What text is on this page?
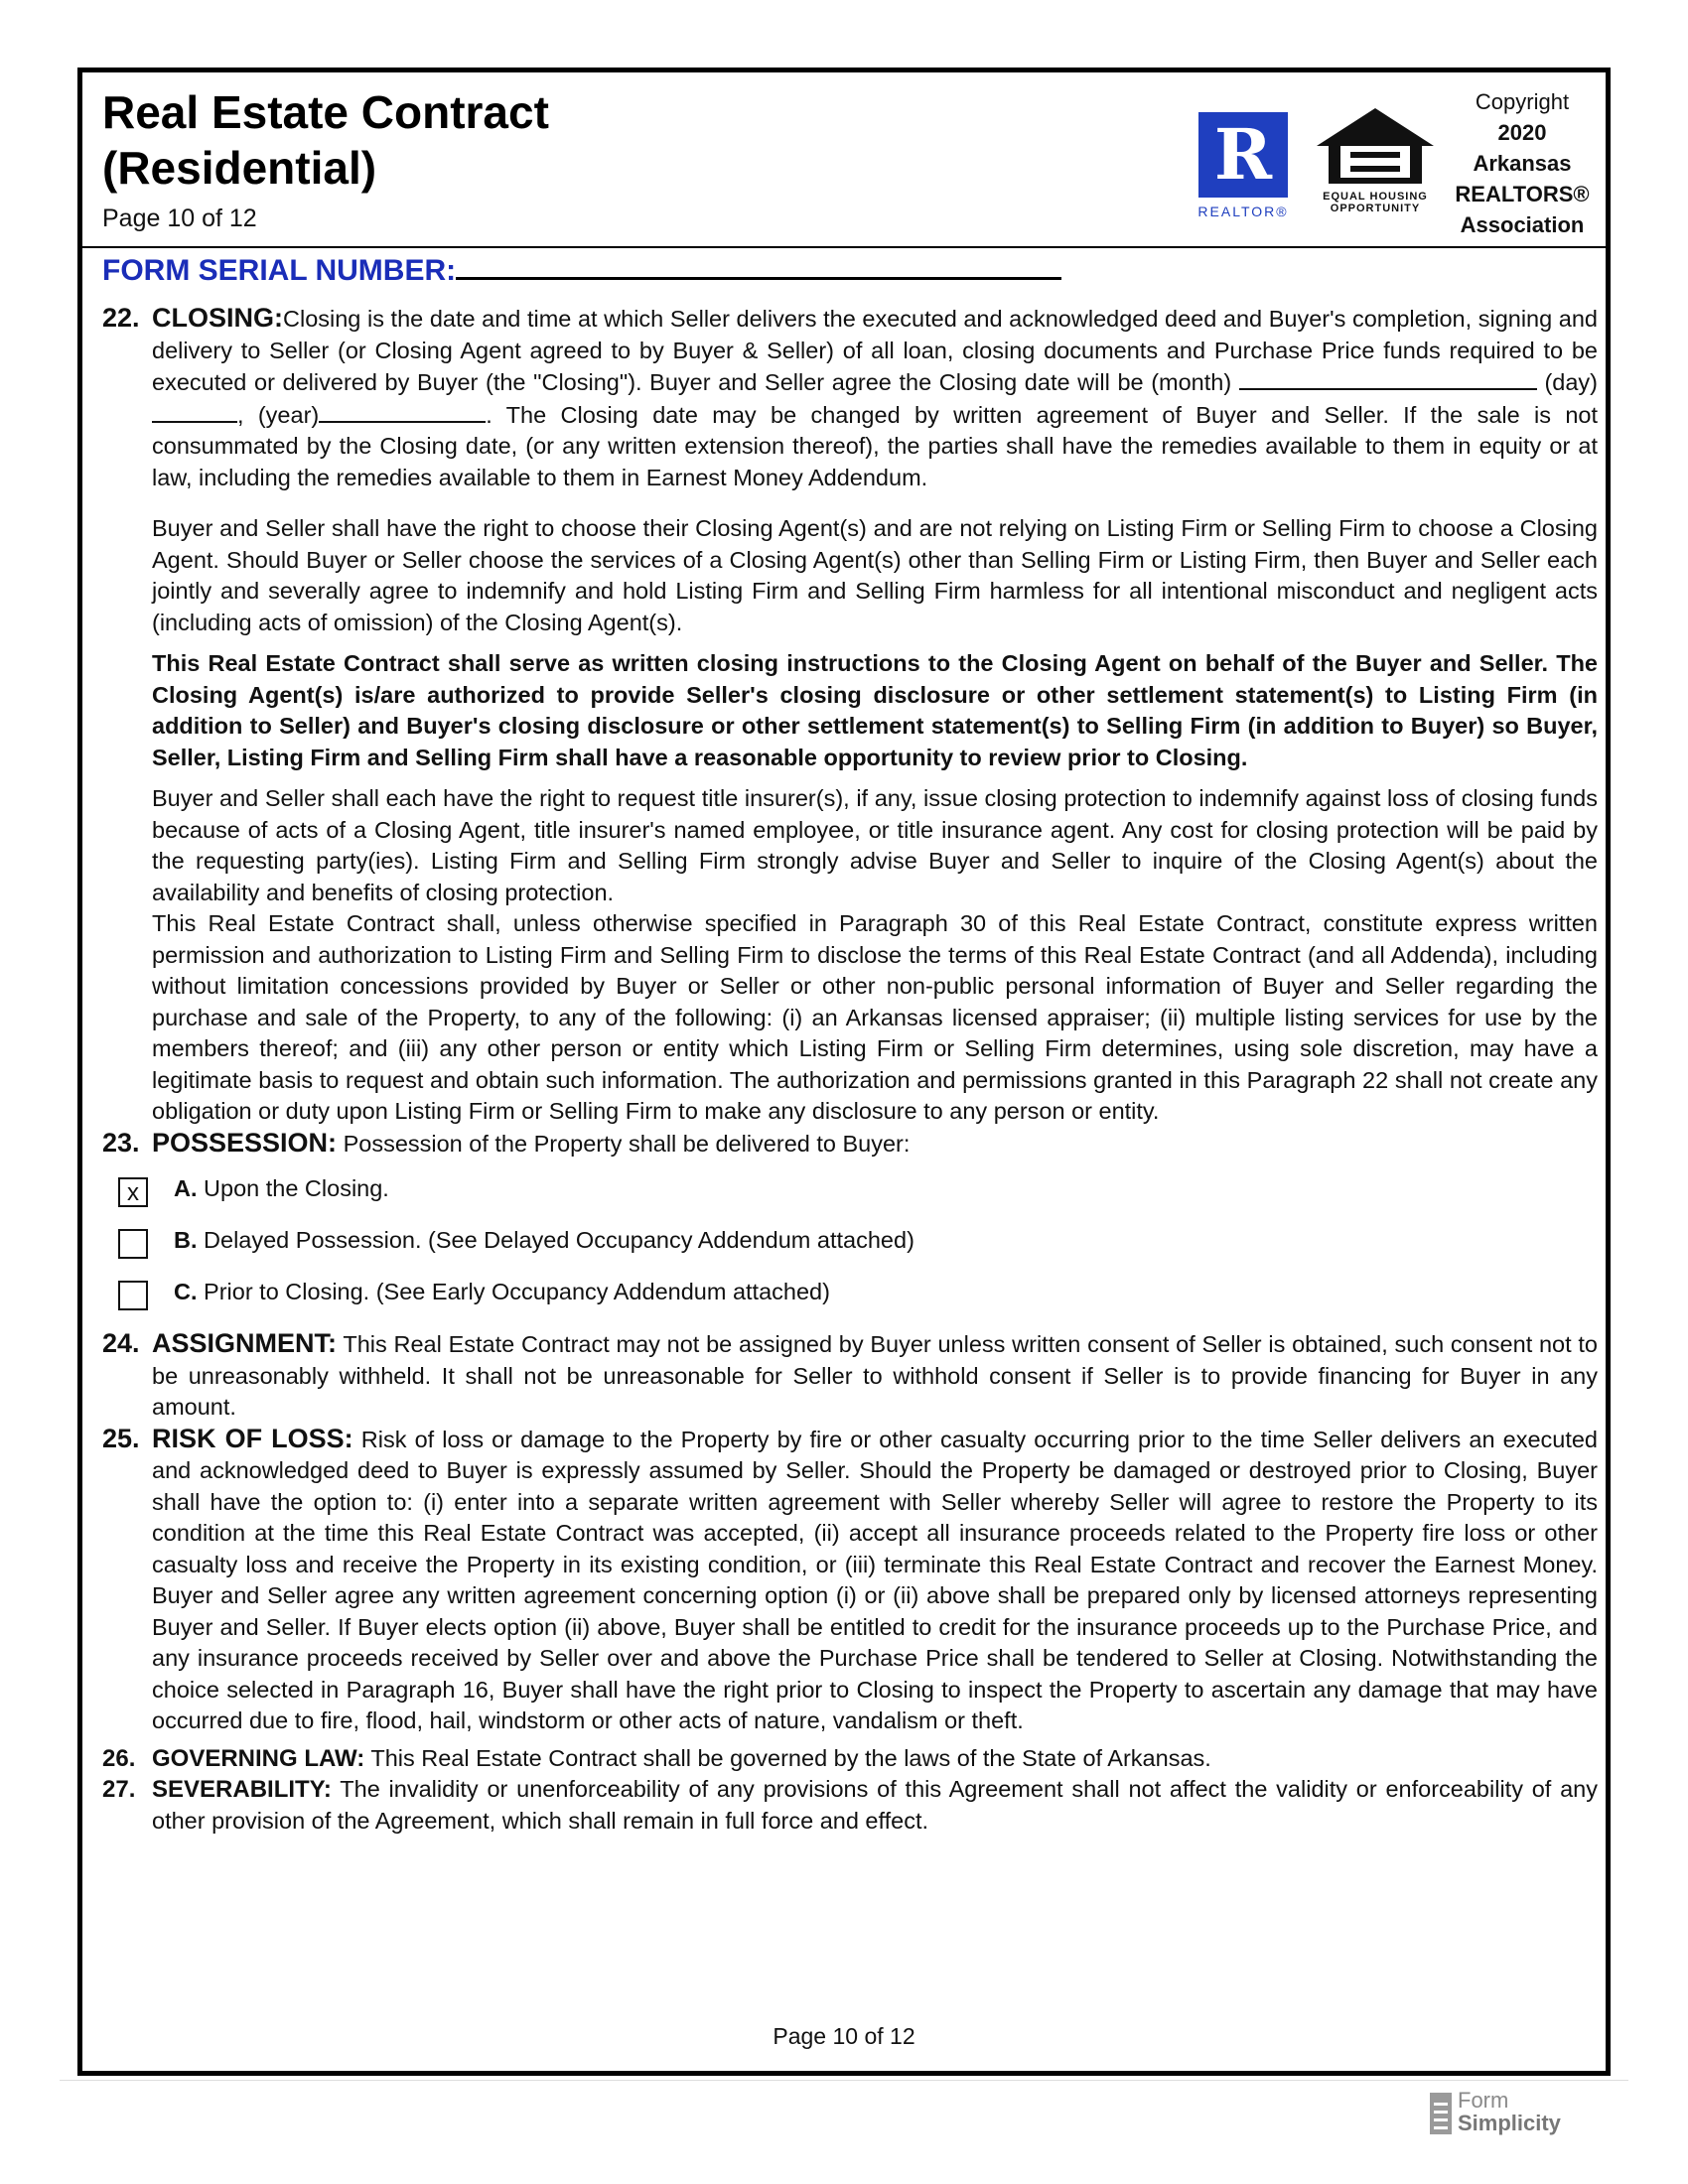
Real Estate Contract
(Residential)
Page 10 of 12
R
REALTOR®
EQUAL HOUSING
OPPORTUNITY
Copyright
2020
Arkansas
REALTORS®
Association
FORM SERIAL NUMBER:
22. CLOSING:Closing is the date and time at which Seller delivers the executed and acknowledged deed and Buyer's completion, signing and delivery to Seller (or Closing Agent agreed to by Buyer & Seller) of all loan, closing documents and Purchase Price funds required to be executed or delivered by Buyer (the "Closing"). Buyer and Seller agree the Closing date will be (month)	(day), (year)	. The Closing date may be changed by written agreement of Buyer and Seller. If the sale is not consummated by the Closing date, (or any written extension thereof), the parties shall have the remedies available to them in equity or at law, including the remedies available to them in Earnest Money Addendum.
Buyer and Seller shall have the right to choose their Closing Agent(s) and are not relying on Listing Firm or Selling Firm to choose a Closing Agent. Should Buyer or Seller choose the services of a Closing Agent(s) other than Selling Firm or Listing Firm, then Buyer and Seller each jointly and severally agree to indemnify and hold Listing Firm and Selling Firm harmless for all intentional misconduct and negligent acts (including acts of omission) of the Closing Agent(s).
This Real Estate Contract shall serve as written closing instructions to the Closing Agent on behalf of the Buyer and Seller. The Closing Agent(s) is/are authorized to provide Seller's closing disclosure or other settlement statement(s) to Listing Firm (in addition to Seller) and Buyer's closing disclosure or other settlement statement(s) to Selling Firm (in addition to Buyer) so Buyer, Seller, Listing Firm and Selling Firm shall have a reasonable opportunity to review prior to Closing.
Buyer and Seller shall each have the right to request title insurer(s), if any, issue closing protection to indemnify against loss of closing funds because of acts of a Closing Agent, title insurer's named employee, or title insurance agent. Any cost for closing protection will be paid by the requesting party(ies). Listing Firm and Selling Firm strongly advise Buyer and Seller to inquire of the Closing Agent(s) about the availability and benefits of closing protection.
This Real Estate Contract shall, unless otherwise specified in Paragraph 30 of this Real Estate Contract, constitute express written permission and authorization to Listing Firm and Selling Firm to disclose the terms of this Real Estate Contract (and all Addenda), including without limitation concessions provided by Buyer or Seller or other non-public personal information of Buyer and Seller regarding the purchase and sale of the Property, to any of the following: (i) an Arkansas licensed appraiser; (ii) multiple listing services for use by the members thereof; and (iii) any other person or entity which Listing Firm or Selling Firm determines, using sole discretion, may have a legitimate basis to request and obtain such information. The authorization and permissions granted in this Paragraph 22 shall not create any obligation or duty upon Listing Firm or Selling Firm to make any disclosure to any person or entity.
23. POSSESSION: Possession of the Property shall be delivered to Buyer:
x	A. Upon the Closing.
B. Delayed Possession. (See Delayed Occupancy Addendum attached)
C. Prior to Closing. (See Early Occupancy Addendum attached)
24. ASSIGNMENT: This Real Estate Contract may not be assigned by Buyer unless written consent of Seller is obtained, such consent not to be unreasonably withheld. It shall not be unreasonable for Seller to withhold consent if Seller is to provide financing for Buyer in any amount.
25. RISK OF LOSS: Risk of loss or damage to the Property by fire or other casualty occurring prior to the time Seller delivers an executed and acknowledged deed to Buyer is expressly assumed by Seller. Should the Property be damaged or destroyed prior to Closing, Buyer shall have the option to: (i) enter into a separate written agreement with Seller whereby Seller will agree to restore the Property to its condition at the time this Real Estate Contract was accepted, (ii) accept all insurance proceeds related to the Property fire loss or other casualty loss and receive the Property in its existing condition, or (iii) terminate this Real Estate Contract and recover the Earnest Money. Buyer and Seller agree any written agreement concerning option (i) or (ii) above shall be prepared only by licensed attorneys representing Buyer and Seller. If Buyer elects option (ii) above, Buyer shall be entitled to credit for the insurance proceeds up to the Purchase Price, and any insurance proceeds received by Seller over and above the Purchase Price shall be tendered to Seller at Closing. Notwithstanding the choice selected in Paragraph 16, Buyer shall have the right prior to Closing to inspect the Property to ascertain any damage that may have occurred due to fire, flood, hail, windstorm or other acts of nature, vandalism or theft.
26. GOVERNING LAW: This Real Estate Contract shall be governed by the laws of the State of Arkansas.
27. SEVERABILITY: The invalidity or unenforceability of any provisions of this Agreement shall not affect the validity or enforceability of any other provision of the Agreement, which shall remain in full force and effect.
Page 10 of 12
Form
Simplicity
